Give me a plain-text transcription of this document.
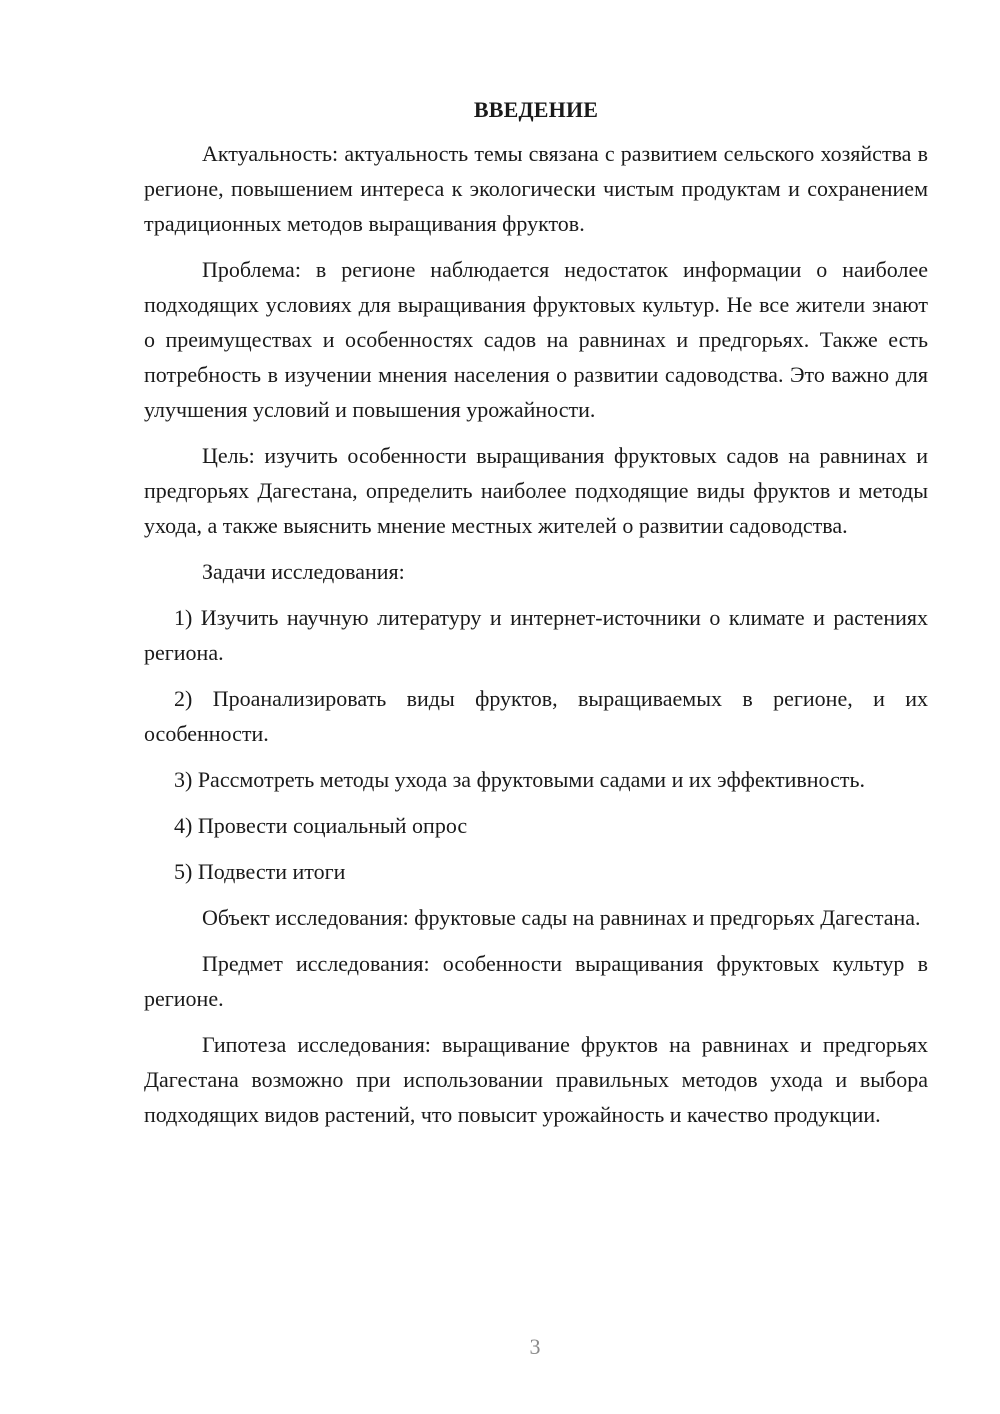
ВВЕДЕНИЕ

Актуальность: актуальность темы связана с развитием сельского хозяйства в регионе, повышением интереса к экологически чистым продуктам и сохранением традиционных методов выращивания фруктов.

Проблема: в регионе наблюдается недостаток информации о наиболее подходящих условиях для выращивания фруктовых культур. Не все жители знают о преимуществах и особенностях садов на равнинах и предгорьях. Также есть потребность в изучении мнения населения о развитии садоводства. Это важно для улучшения условий и повышения урожайности.

Цель: изучить особенности выращивания фруктовых садов на равнинах и предгорьях Дагестана, определить наиболее подходящие виды фруктов и методы ухода, а также выяснить мнение местных жителей о развитии садоводства.

Задачи исследования:

1) Изучить научную литературу и интернет-источники о климате и растениях региона.

2) Проанализировать виды фруктов, выращиваемых в регионе, и их особенности.

3) Рассмотреть методы ухода за фруктовыми садами и их эффективность.

4) Провести социальный опрос

5) Подвести итоги

Объект исследования: фруктовые сады на равнинах и предгорьях Дагестана.

Предмет исследования: особенности выращивания фруктовых культур в регионе.

Гипотеза исследования: выращивание фруктов на равнинах и предгорьях Дагестана возможно при использовании правильных методов ухода и выбора подходящих видов растений, что повысит урожайность и качество продукции.

3
